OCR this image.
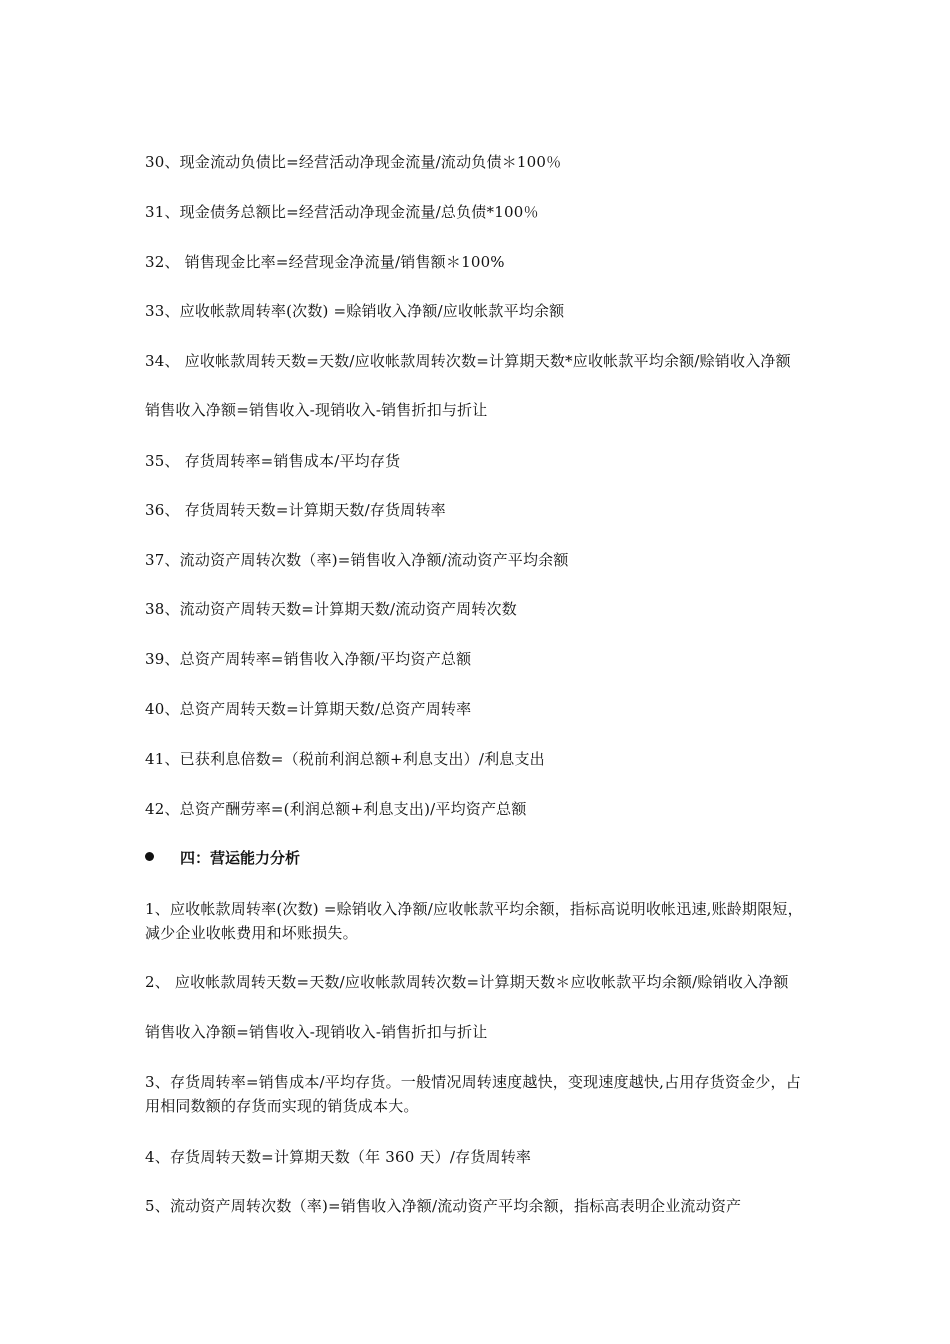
30、现金流动负债比=经营活动净现金流量/流动负债＊100％
31、现金债务总额比=经营活动净现金流量/总负债*100％
32、 销售现金比率=经营现金净流量/销售额＊100%
33、应收帐款周转率(次数) =赊销收入净额/应收帐款平均余额
34、 应收帐款周转天数=天数/应收帐款周转次数=计算期天数*应收帐款平均余额/赊销收入净额
销售收入净额=销售收入-现销收入-销售折扣与折让
35、 存货周转率=销售成本/平均存货
36、 存货周转天数=计算期天数/存货周转率
37、流动资产周转次数（率)=销售收入净额/流动资产平均余额
38、流动资产周转天数=计算期天数/流动资产周转次数
39、总资产周转率=销售收入净额/平均资产总额
40、总资产周转天数=计算期天数/总资产周转率
41、已获利息倍数=（税前利润总额+利息支出）/利息支出
42、总资产酬劳率=(利润总额+利息支出)/平均资产总额
四：营运能力分析
1、应收帐款周转率(次数) =赊销收入净额/应收帐款平均余额，指标高说明收帐迅速,账龄期限短，减少企业收帐费用和坏账损失。
2、 应收帐款周转天数=天数/应收帐款周转次数=计算期天数＊应收帐款平均余额/赊销收入净额
销售收入净额=销售收入-现销收入-销售折扣与折让
3、存货周转率=销售成本/平均存货。一般情况周转速度越快，变现速度越快,占用存货资金少，占用相同数额的存货而实现的销货成本大。
4、存货周转天数=计算期天数（年 360 天）/存货周转率
5、流动资产周转次数（率)=销售收入净额/流动资产平均余额，指标高表明企业流动资产
